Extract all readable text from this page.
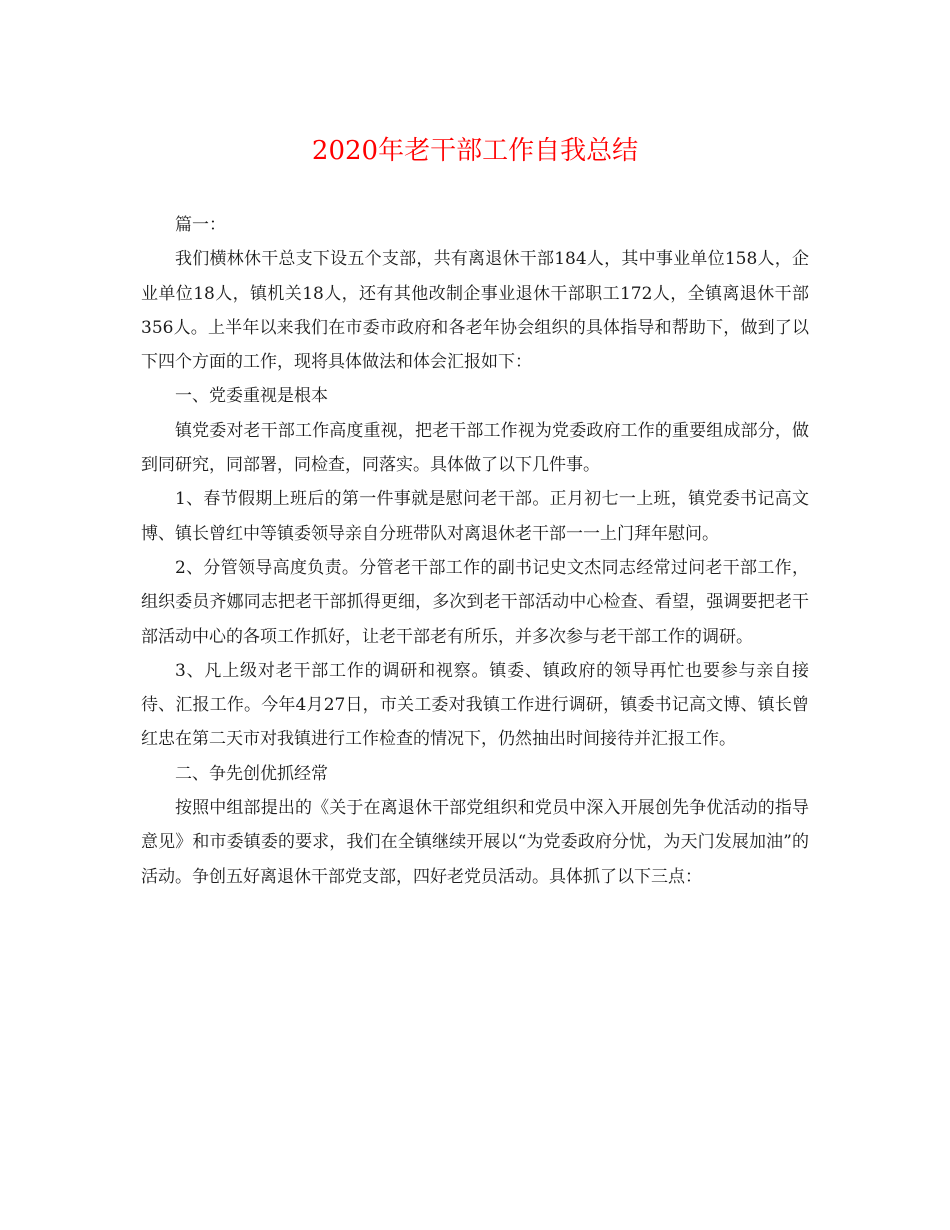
2020年老干部工作自我总结

篇一：

我们横林休干总支下设五个支部，共有离退休干部184人，其中事业单位158人，企业单位18人，镇机关18人，还有其他改制企事业退休干部职工172人，全镇离退休干部356人。上半年以来我们在市委市政府和各老年协会组织的具体指导和帮助下，做到了以下四个方面的工作，现将具体做法和体会汇报如下：

一、党委重视是根本

镇党委对老干部工作高度重视，把老干部工作视为党委政府工作的重要组成部分，做到同研究，同部署，同检查，同落实。具体做了以下几件事。

1、春节假期上班后的第一件事就是慰问老干部。正月初七一上班，镇党委书记高文博、镇长曾红中等镇委领导亲自分班带队对离退休老干部一一上门拜年慰问。

2、分管领导高度负责。分管老干部工作的副书记史文杰同志经常过问老干部工作，组织委员齐娜同志把老干部抓得更细，多次到老干部活动中心检查、看望，强调要把老干部活动中心的各项工作抓好，让老干部老有所乐，并多次参与老干部工作的调研。

3、凡上级对老干部工作的调研和视察。镇委、镇政府的领导再忙也要参与亲自接待、汇报工作。今年4月27日，市关工委对我镇工作进行调研，镇委书记高文博、镇长曾红忠在第二天市对我镇进行工作检查的情况下，仍然抽出时间接待并汇报工作。

二、争先创优抓经常

按照中组部提出的《关于在离退休干部党组织和党员中深入开展创先争优活动的指导意见》和市委镇委的要求，我们在全镇继续开展以“为党委政府分忧，为天门发展加油”的活动。争创五好离退休干部党支部，四好老党员活动。具体抓了以下三点：
